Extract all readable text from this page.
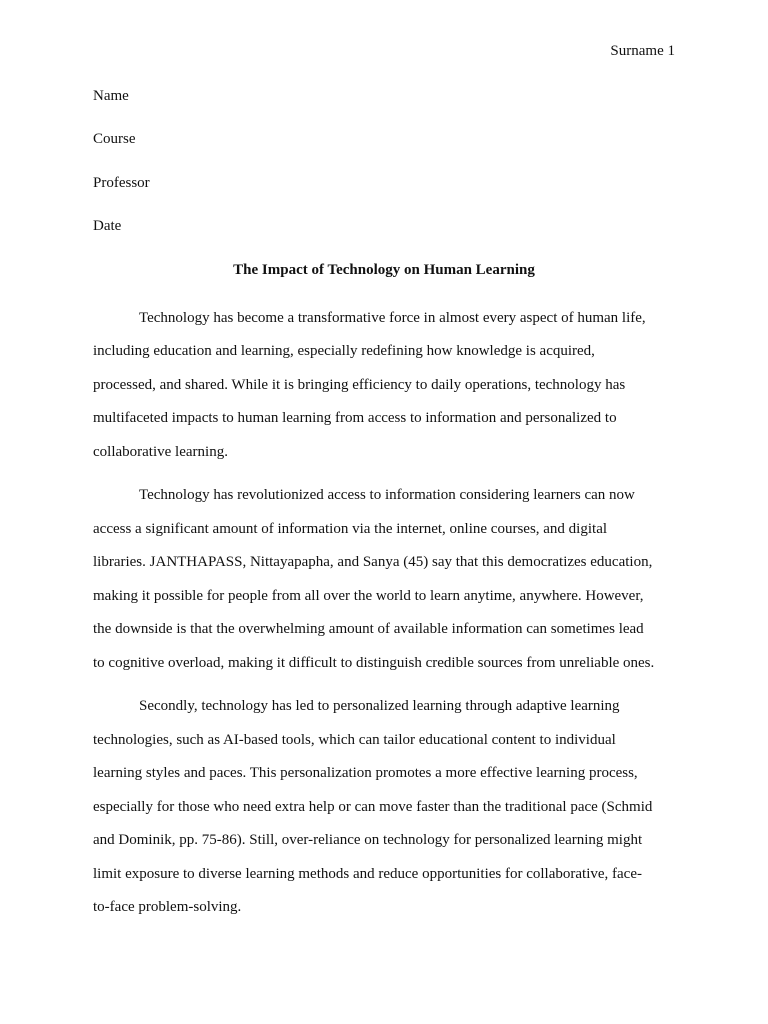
Surname 1

Name

Course

Professor

Date

The Impact of Technology on Human Learning

Technology has become a transformative force in almost every aspect of human life,
including education and learning, especially redefining how knowledge is acquired,
processed, and shared. While it is bringing efficiency to daily operations, technology has
multifaceted impacts to human learning from access to information and personalized to
collaborative learning.

Technology has revolutionized access to information considering learners can now
access a significant amount of information via the internet, online courses, and digital
libraries. JANTHAPASS, Nittayapapha, and Sanya (45) say that this democratizes education,
making it possible for people from all over the world to learn anytime, anywhere. However,
the downside is that the overwhelming amount of available information can sometimes lead
to cognitive overload, making it difficult to distinguish credible sources from unreliable ones.

Secondly, technology has led to personalized learning through adaptive learning
technologies, such as AI-based tools, which can tailor educational content to individual
learning styles and paces. This personalization promotes a more effective learning process,
especially for those who need extra help or can move faster than the traditional pace (Schmid
and Dominik, pp. 75-86). Still, over-reliance on technology for personalized learning might
limit exposure to diverse learning methods and reduce opportunities for collaborative, face-
to-face problem-solving.
